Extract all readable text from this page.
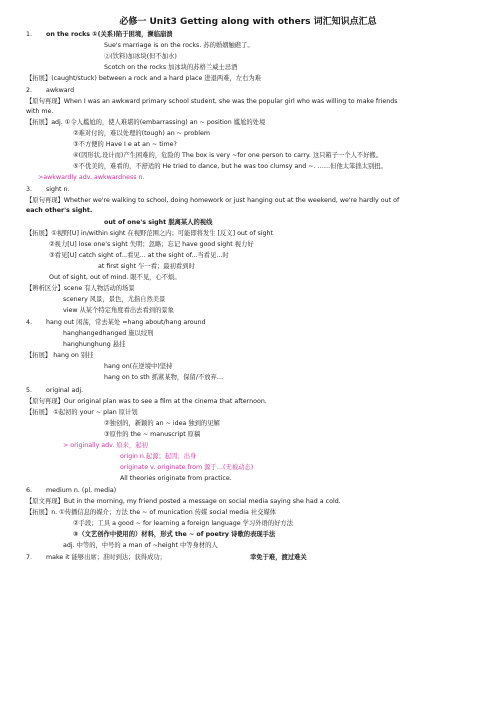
必修一 Unit3 Getting along with others 词汇知识点汇总
1. on the rocks ①(关系)陷于困境，濒临崩溃
Sue's marriage is on the rocks. 苏的婚姻触礁了。
②(饮料)加冰块(但不加水)
Scotch on the rocks 加冰块的苏格兰威士忌酒
【拓展】(caught/stuck) between a rock and a hard place 进退两难，左右为难
2. awkward
【原句再现】When I was an awkward primary school student, she was the popular girl who was willing to make friends
with me.
【拓展】adj. ①令人尴尬的，使人难堪的(embarrassing) an ~ position 尴尬的处境
②难对付的，难以处理的(tough) an ~ problem
③不方便的 Have I e at an ~ time?
④(因形状,设计而)产生困难的，危险的 The box is very ~for one person to carry. 这只箱子一个人不好搬。
⑤不优美的，难看的，不舒适的 He tried to dance, but he was too clumsy and ~. ……但他太笨拙太别扭。
>awkwardly adv. awkwardness n.
3. sight n.
【原句再现】Whether we're walking to school, doing homework or just hanging out at the weekend, we're hardly out of
each other's sight.
out of one's sight 脱离某人的视线
【拓展】①视野[U] in/within sight 在视野范围之内；可能即将发生 [反义] out of sight
②视力[U] lose one's sight 失明；忽略；忘记 have good sight 视力好
③看见[U] catch sight of...看见... at the sight of...当看见...时
at first sight 乍一看；最初看到时
Out of sight, out of mind. 眼不见，心不烦。
【辨析区分】scene 有人物活动的场景
scenery 风景，景色，尤指自然美景
view 从某个特定角度看出去看到的景象
4. hang out 闲荡，常去某处 =hang about/hang around
hanghangedhanged 施以绞刑
hanghunghung 悬挂
【拓展】 hang on 别挂
hang on(在逆境中)坚持
hang on to sth 抓紧某物，保留/不放弃…
5. original adj.
【原句再现】Our original plan was to see a film at the cinema that afternoon.
【拓展】 ①起初的 your ~ plan 原计划
②独创的，新颖的 an ~ idea 独到的见解
③原作的 the ~ manuscript 原稿
> originally adv. 原来，起初
origin n.起源；起因；出身
originate v. originate from 源于…(无被动态)
All theories originate from practice.
6. medium n. (pl. media)
【原文再现】But in the morning, my friend posted a message on social media saying she had a cold.
【拓展】n. ①传播信息的媒介；方法 the ~ of munication 传媒 social media 社交媒体
②手段；工具 a good ~ for learning a foreign language 学习外语的好方法
③（文艺创作中使用的）材料，形式 the ~ of poetry 诗歌的表现手法
adj. 中等的，中号的 a man of ~height 中等身材的人
7. make it 能够出席；准时到达；获得成功；	幸免于难，渡过难关
